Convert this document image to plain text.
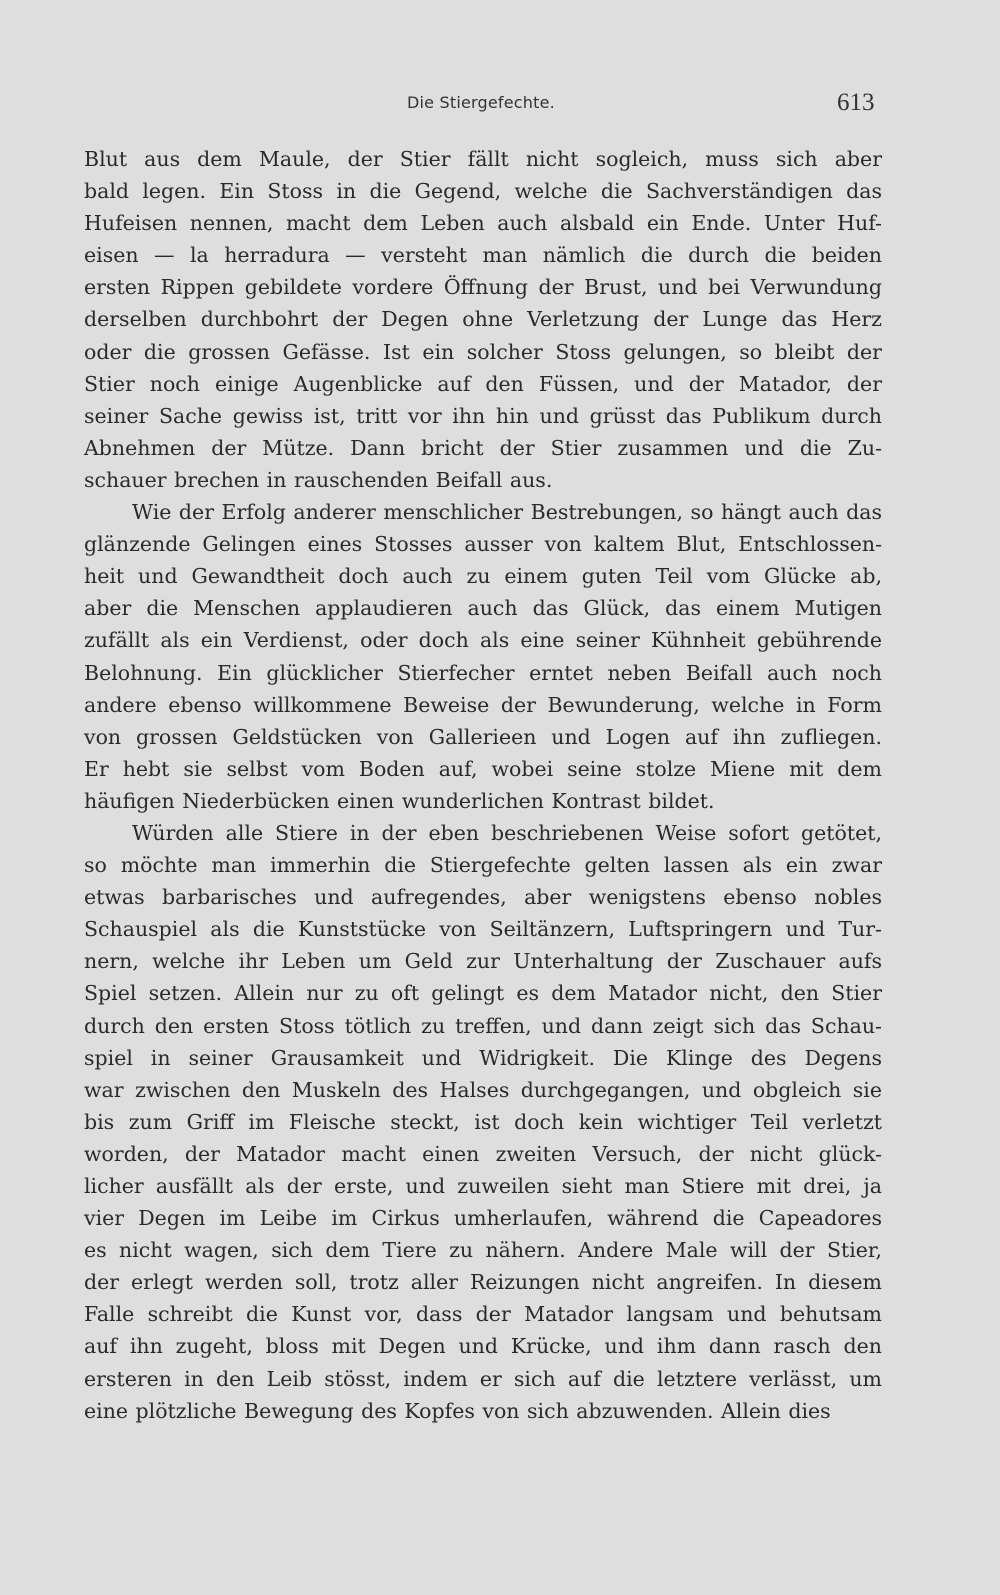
Die Stiergefechte.	613
Blut aus dem Maule, der Stier fällt nicht sogleich, muss sich aber
bald legen. Ein Stoss in die Gegend, welche die Sachverständigen das
Hufeisen nennen, macht dem Leben auch alsbald ein Ende. Unter Huf-
eisen — la herradura — versteht man nämlich die durch die beiden
ersten Rippen gebildete vordere Öffnung der Brust, und bei Verwundung
derselben durchbohrt der Degen ohne Verletzung der Lunge das Herz
oder die grossen Gefässe. Ist ein solcher Stoss gelungen, so bleibt der
Stier noch einige Augenblicke auf den Füssen, und der Matador, der
seiner Sache gewiss ist, tritt vor ihn hin und grüsst das Publikum durch
Abnehmen der Mütze. Dann bricht der Stier zusammen und die Zu-
schauer brechen in rauschenden Beifall aus.
Wie der Erfolg anderer menschlicher Bestrebungen, so hängt auch das
glänzende Gelingen eines Stosses ausser von kaltem Blut, Entschlossen-
heit und Gewandtheit doch auch zu einem guten Teil vom Glücke ab,
aber die Menschen applaudieren auch das Glück, das einem Mutigen
zufällt als ein Verdienst, oder doch als eine seiner Kühnheit gebührende
Belohnung. Ein glücklicher Stierfecher erntet neben Beifall auch noch
andere ebenso willkommene Beweise der Bewunderung, welche in Form
von grossen Geldstücken von Gallerieen und Logen auf ihn zufliegen.
Er hebt sie selbst vom Boden auf, wobei seine stolze Miene mit dem
häufigen Niederbücken einen wunderlichen Kontrast bildet.
Würden alle Stiere in der eben beschriebenen Weise sofort getötet,
so möchte man immerhin die Stiergefechte gelten lassen als ein zwar
etwas barbarisches und aufregendes, aber wenigstens ebenso nobles
Schauspiel als die Kunststücke von Seiltänzern, Luftspringern und Tur-
nern, welche ihr Leben um Geld zur Unterhaltung der Zuschauer aufs
Spiel setzen. Allein nur zu oft gelingt es dem Matador nicht, den Stier
durch den ersten Stoss tötlich zu treffen, und dann zeigt sich das Schau-
spiel in seiner Grausamkeit und Widrigkeit. Die Klinge des Degens
war zwischen den Muskeln des Halses durchgegangen, und obgleich sie
bis zum Griff im Fleische steckt, ist doch kein wichtiger Teil verletzt
worden, der Matador macht einen zweiten Versuch, der nicht glück-
licher ausfällt als der erste, und zuweilen sieht man Stiere mit drei, ja
vier Degen im Leibe im Cirkus umherlaufen, während die Capeadores
es nicht wagen, sich dem Tiere zu nähern. Andere Male will der Stier,
der erlegt werden soll, trotz aller Reizungen nicht angreifen. In diesem
Falle schreibt die Kunst vor, dass der Matador langsam und behutsam
auf ihn zugeht, bloss mit Degen und Krücke, und ihm dann rasch den
ersteren in den Leib stösst, indem er sich auf die letztere verlässt, um
eine plötzliche Bewegung des Kopfes von sich abzuwenden. Allein dies
